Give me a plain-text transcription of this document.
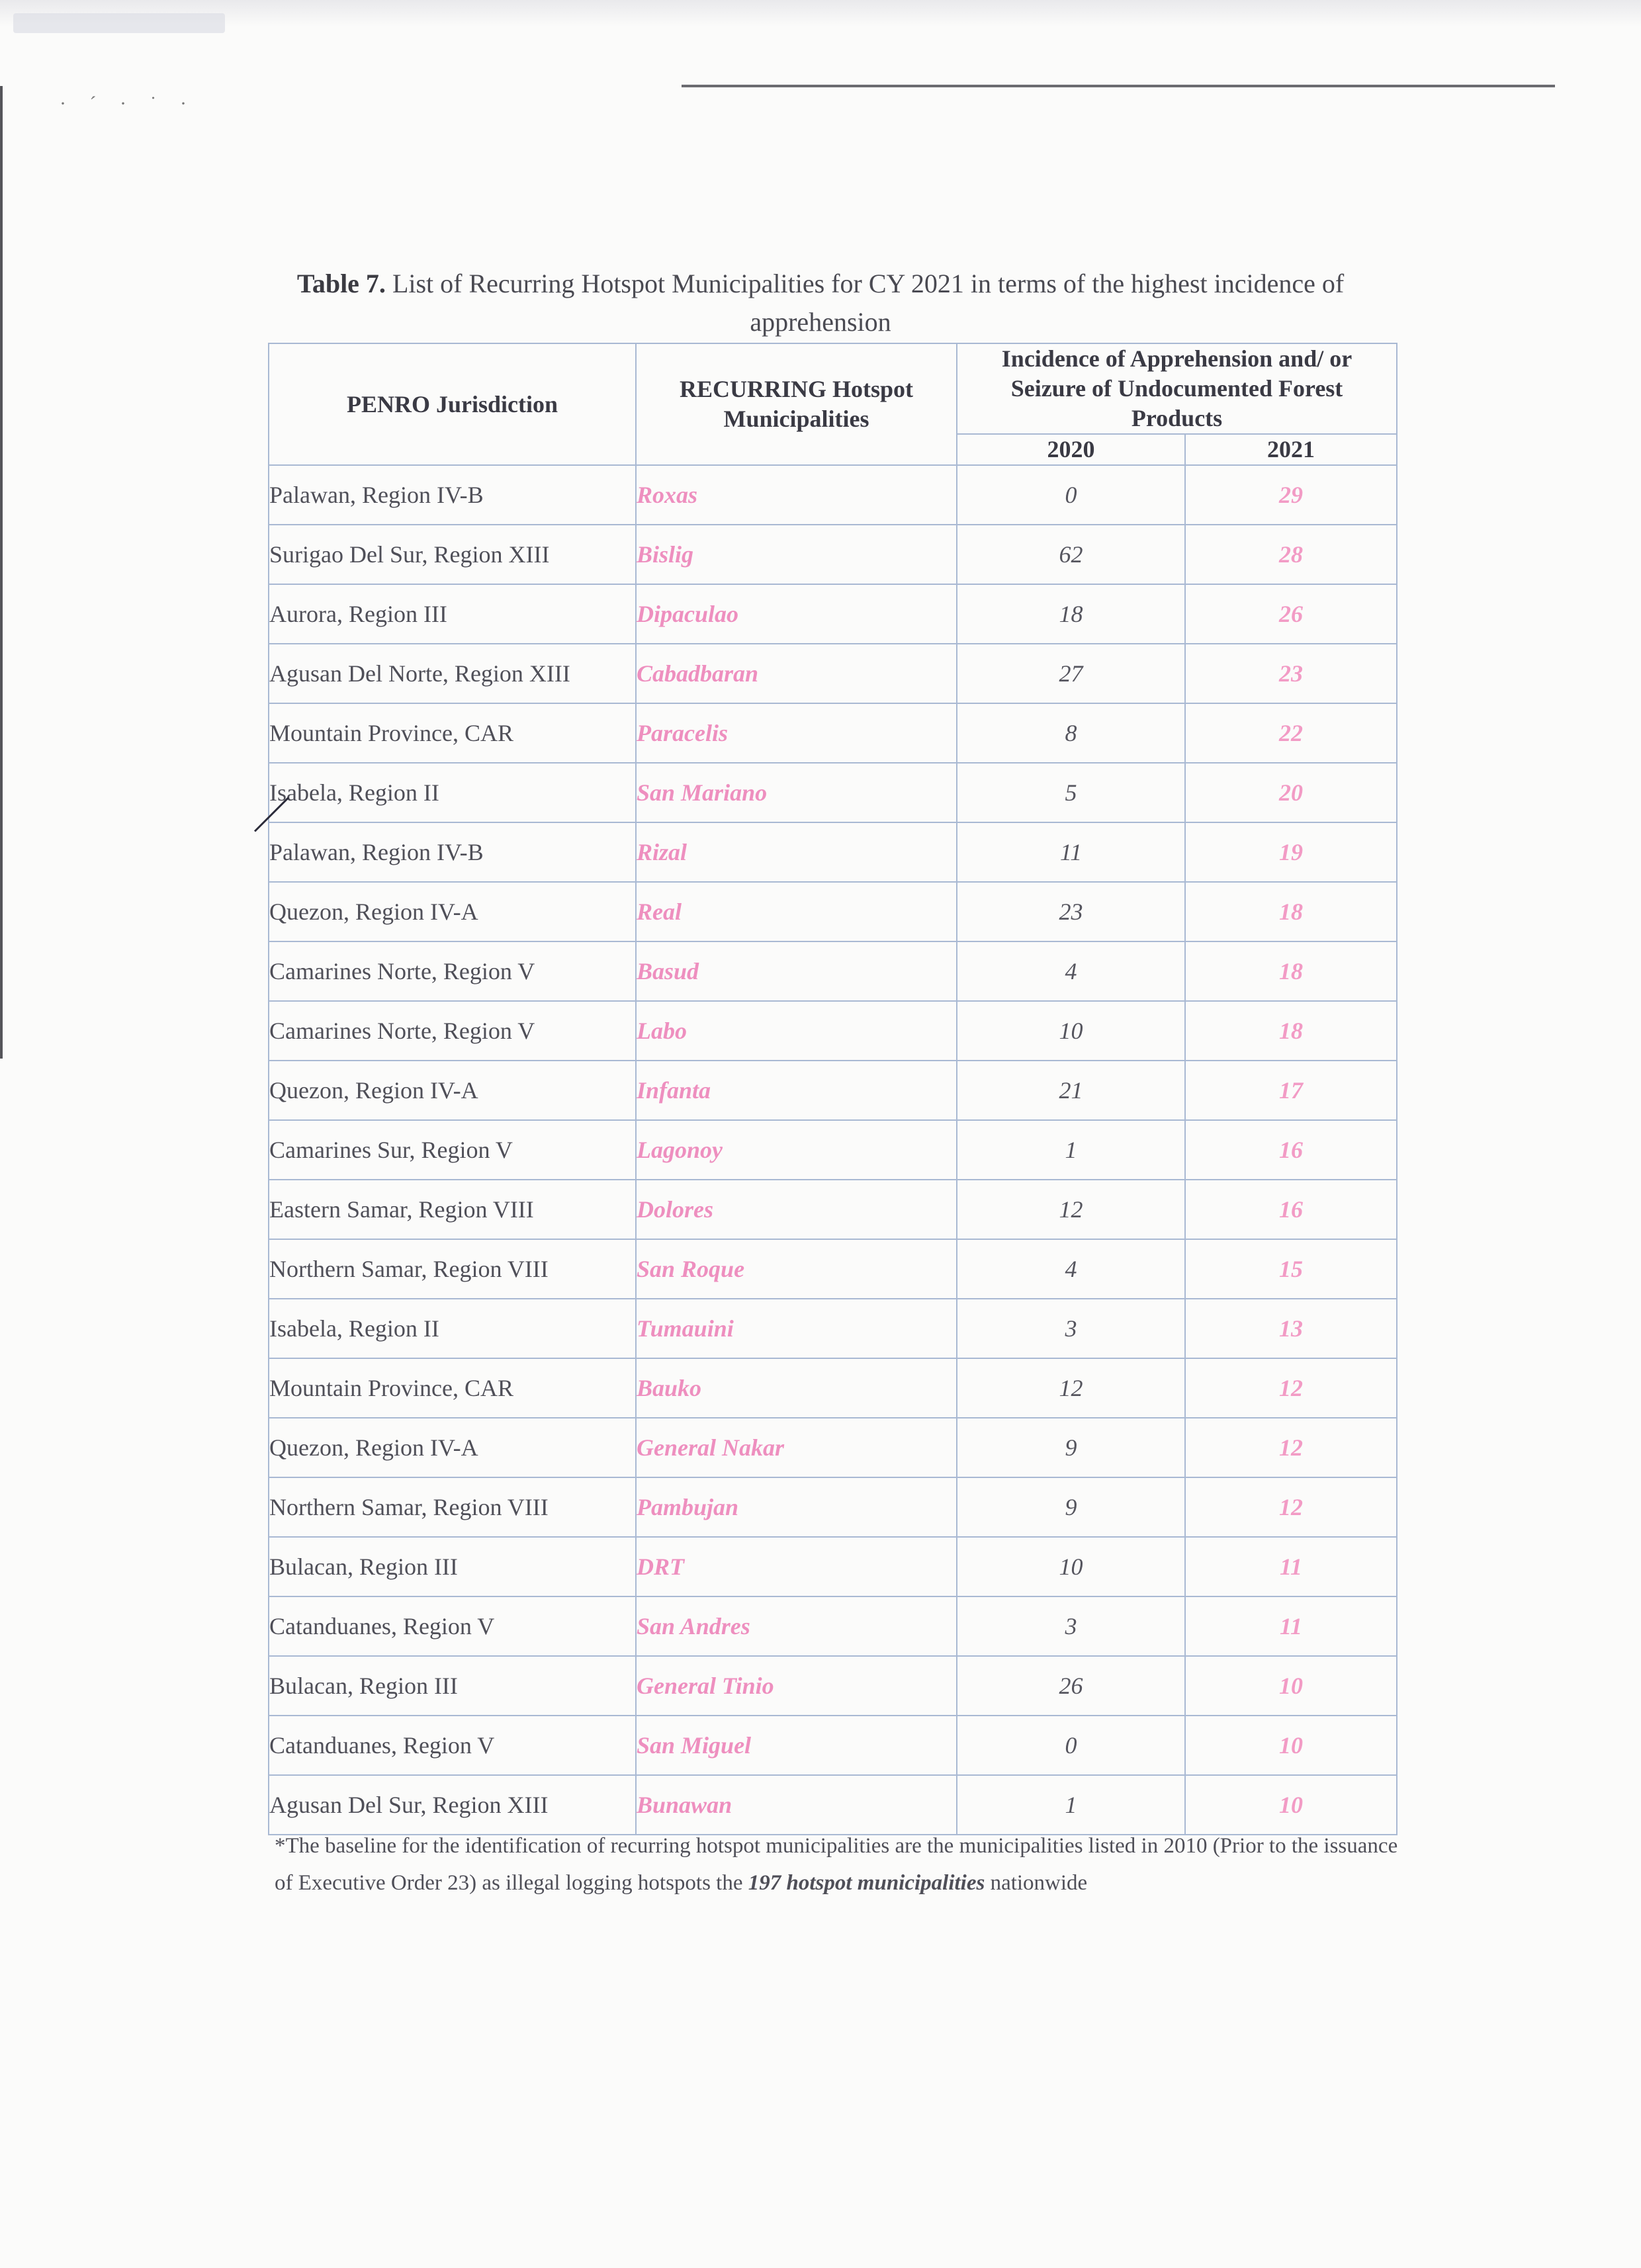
· ´ · ˙ ·
Table 7. List of Recurring Hotspot Municipalities for CY 2021 in terms of the highest incidence of apprehension
PENRO Jurisdiction	RECURRING Hotspot Municipalities	Incidence of Apprehension and/ or Seizure of Undocumented Forest Products	
		2020	2021
Palawan, Region IV-B	Roxas	0	29
Surigao Del Sur, Region XIII	Bislig	62	28
Aurora, Region III	Dipaculao	18	26
Agusan Del Norte, Region XIII	Cabadbaran	27	23
Mountain Province, CAR	Paracelis	8	22
Isabela, Region II	San Mariano	5	20
Palawan, Region IV-B	Rizal	11	19
Quezon, Region IV-A	Real	23	18
Camarines Norte, Region V	Basud	4	18
Camarines Norte, Region V	Labo	10	18
Quezon, Region IV-A	Infanta	21	17
Camarines Sur, Region V	Lagonoy	1	16
Eastern Samar, Region VIII	Dolores	12	16
Northern Samar, Region VIII	San Roque	4	15
Isabela, Region II	Tumauini	3	13
Mountain Province, CAR	Bauko	12	12
Quezon, Region IV-A	General Nakar	9	12
Northern Samar, Region VIII	Pambujan	9	12
Bulacan, Region III	DRT	10	11
Catanduanes, Region V	San Andres	3	11
Bulacan, Region III	General Tinio	26	10
Catanduanes, Region V	San Miguel	0	10
Agusan Del Sur, Region XIII	Bunawan	1	10
*The baseline for the identification of recurring hotspot municipalities are the municipalities listed in 2010 (Prior to the issuance of Executive Order 23) as illegal logging hotspots the 197 hotspot municipalities nationwide
